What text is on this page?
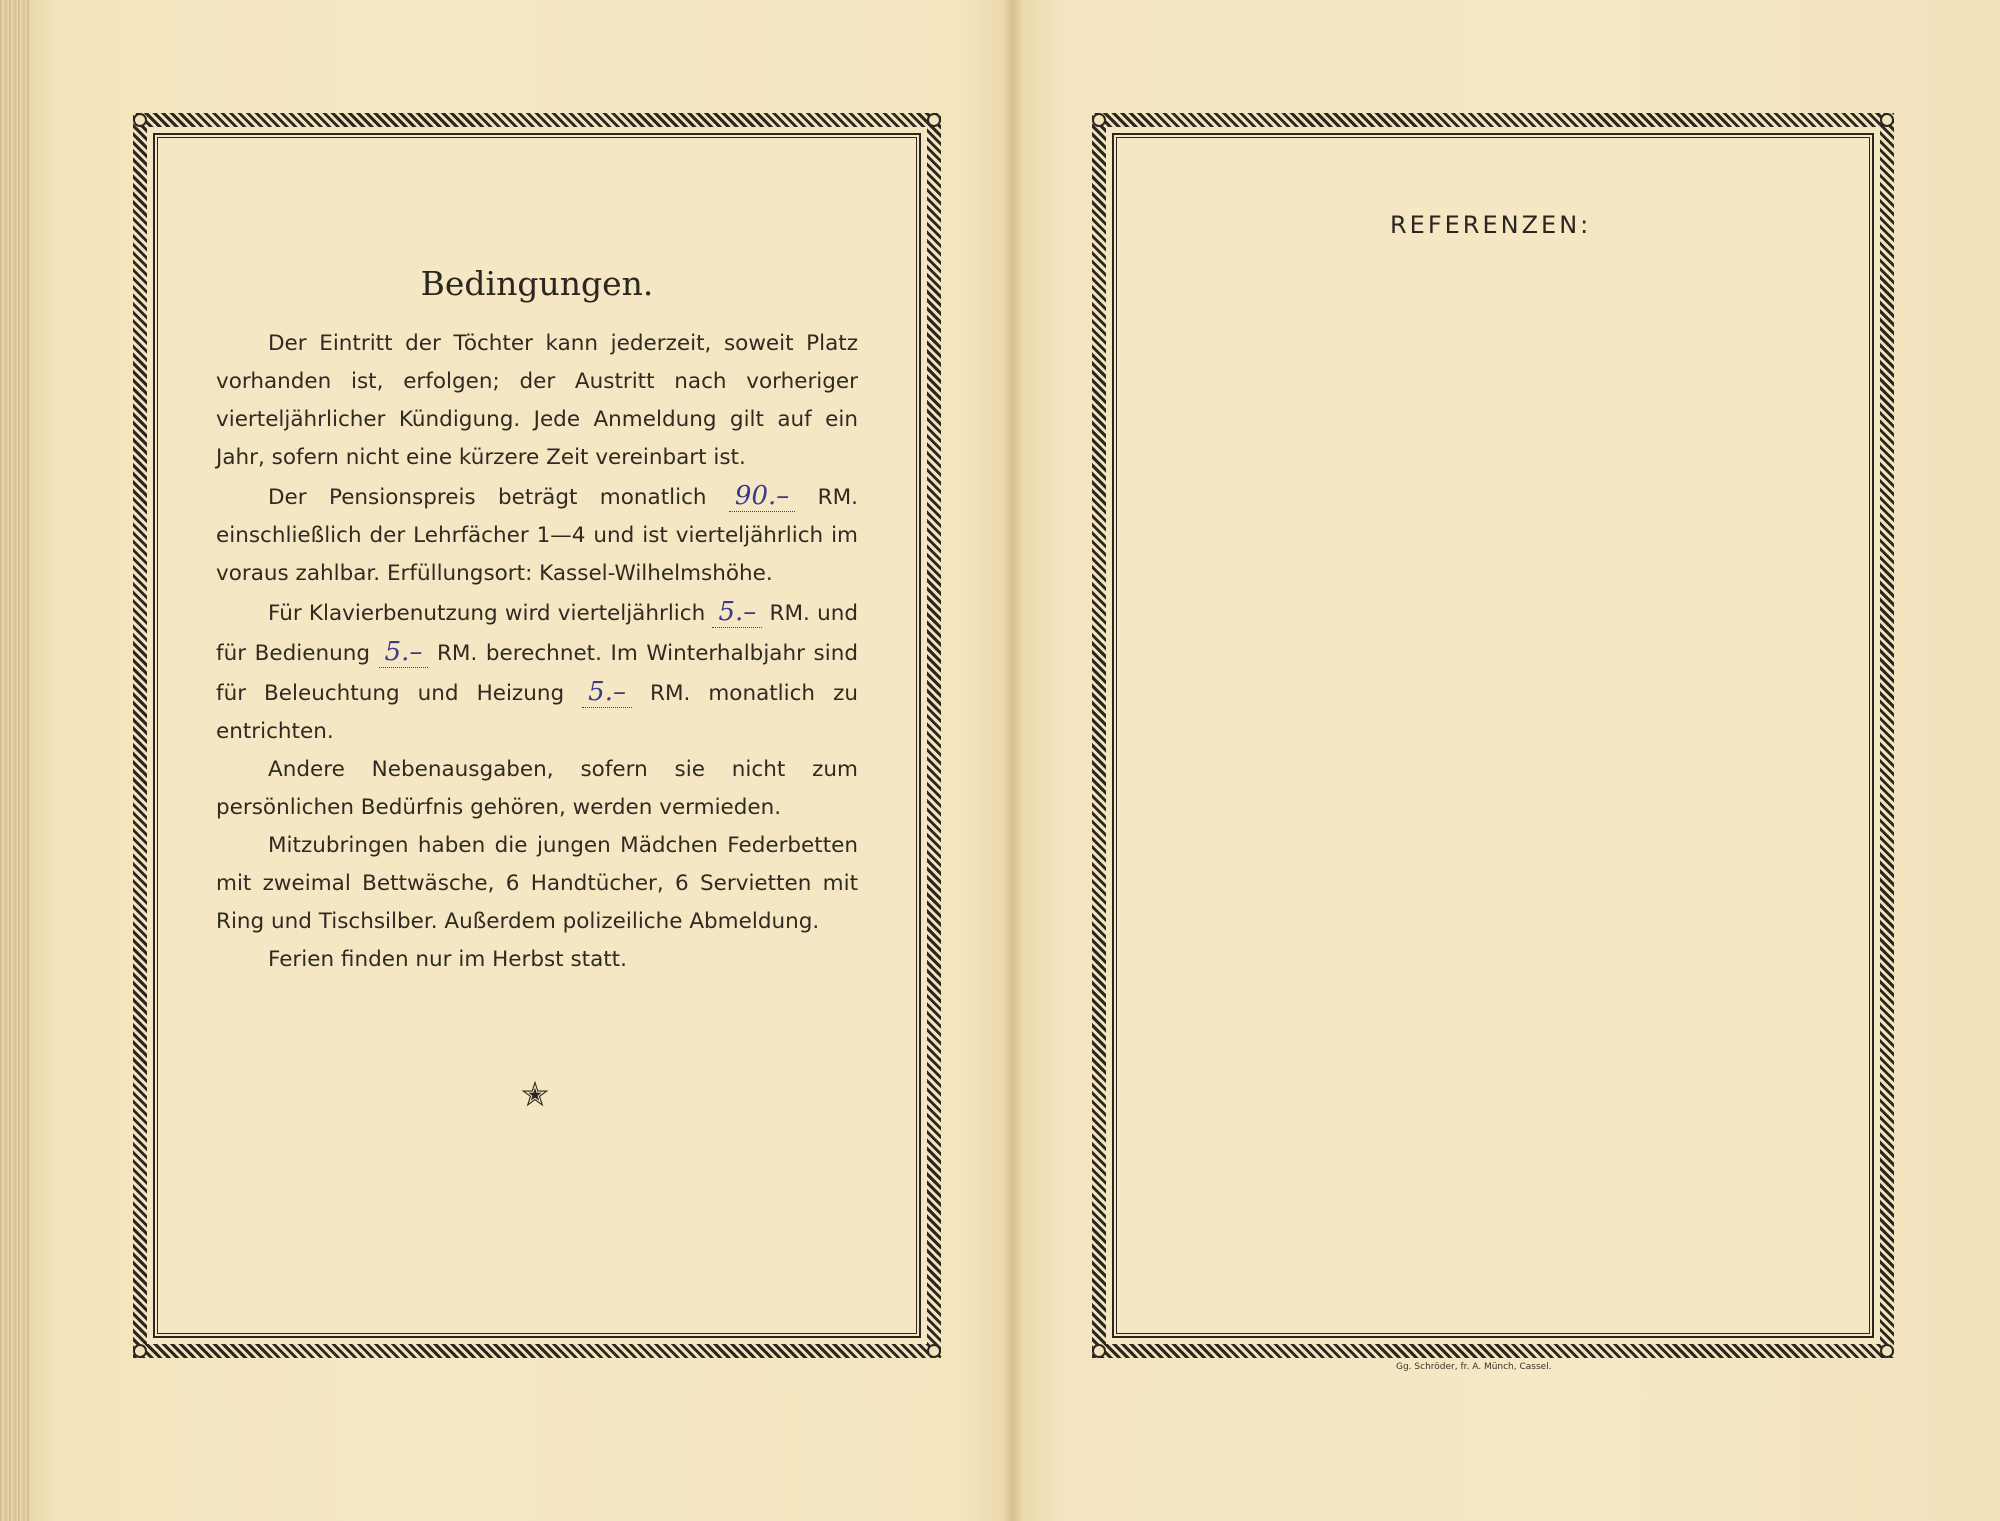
Bedingungen.

Der Eintritt der Töchter kann jederzeit, soweit Platz vorhanden ist, erfolgen; der Austritt nach vorheriger vierteljährlicher Kündigung. Jede Anmeldung gilt auf ein Jahr, sofern nicht eine kürzere Zeit vereinbart ist.

Der Pensionspreis beträgt monatlich 90.– RM. einschließlich der Lehrfächer 1—4 und ist vierteljährlich im voraus zahlbar. Erfüllungsort: Kassel-Wilhelmshöhe.

Für Klavierbenutzung wird vierteljährlich 5.– RM. und für Bedienung 5.– RM. berechnet. Im Winterhalbjahr sind für Beleuchtung und Heizung 5.– RM. monatlich zu entrichten.

Andere Nebenausgaben, sofern sie nicht zum persönlichen Bedürfnis gehören, werden vermieden.

Mitzubringen haben die jungen Mädchen Federbetten mit zweimal Bettwäsche, 6 Handtücher, 6 Servietten mit Ring und Tischsilber. Außerdem polizeiliche Abmeldung.

Ferien finden nur im Herbst statt.

✭
REFERENZEN:
Gg. Schröder, fr. A. Münch, Cassel.
